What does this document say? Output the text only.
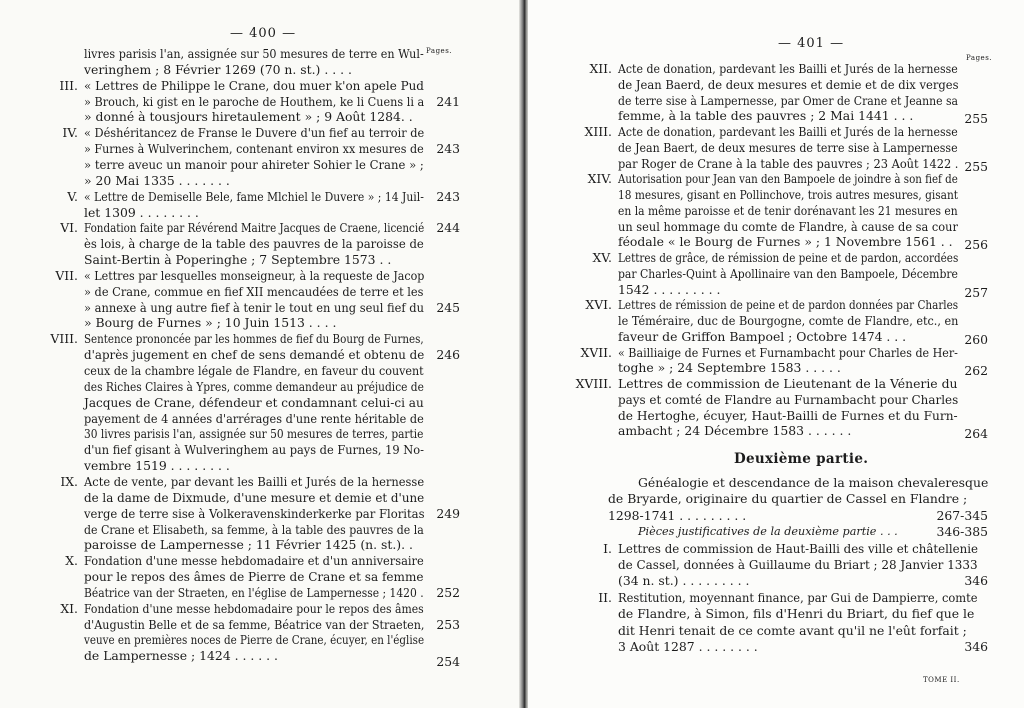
— 400 —
Pages.
III.
IV.
V.
VI.
VII.
VIII.
IX.
X.
XI.
livres parisis l'an, assignée sur 50 mesures de terre en Wul-
veringhem ; 8 Février 1269 (70 n. st.) . . . .
« Lettres de Philippe le Crane, dou muer k'on apele Pud
» Brouch, ki gist en le paroche de Houthem, ke li Cuens li a
» donné à tousjours hiretaulement » ; 9 Août 1284. .
« Déshéritancez de Franse le Duvere d'un fief au terroir de
» Furnes à Wulverinchem, contenant environ xx mesures de
» terre aveuc un manoir pour ahireter Sohier le Crane » ;
» 20 Mai 1335 . . . . . . .
« Lettre de Demiselle Bele, fame Mlchiel le Duvere » ; 14 Juil-
let 1309 . . . . . . . .
Fondation faite par Révérend Maitre Jacques de Craene, licencié
ès lois, à charge de la table des pauvres de la paroisse de
Saint-Bertin à Poperinghe ; 7 Septembre 1573 . .
« Lettres par lesquelles monseigneur, à la requeste de Jacop
» de Crane, commue en fief XII mencaudées de terre et les
» annexe à ung autre fief à tenir le tout en ung seul fief du
» Bourg de Furnes » ; 10 Juin 1513 . . . .
Sentence prononcée par les hommes de fief du Bourg de Furnes,
d'après jugement en chef de sens demandé et obtenu de
ceux de la chambre légale de Flandre, en faveur du couvent
des Riches Claires à Ypres, comme demandeur au préjudice de
Jacques de Crane, défendeur et condamnant celui-ci au
payement de 4 années d'arrérages d'une rente héritable de
30 livres parisis l'an, assignée sur 50 mesures de terres, partie
d'un fief gisant à Wulveringhem au pays de Furnes, 19 No-
vembre 1519 . . . . . . . .
Acte de vente, par devant les Bailli et Jurés de la hernesse
de la dame de Dixmude, d'une mesure et demie et d'une
verge de terre sise à Volkeravenskinderkerke par Floritas
de Crane et Elisabeth, sa femme, à la table des pauvres de la
paroisse de Lampernesse ; 11 Février 1425 (n. st.). .
Fondation d'une messe hebdomadaire et d'un anniversaire
pour le repos des âmes de Pierre de Crane et sa femme
Béatrice van der Straeten, en l'église de Lampernesse ; 1420 .
Fondation d'une messe hebdomadaire pour le repos des âmes
d'Augustin Belle et de sa femme, Béatrice van der Straeten,
veuve en premières noces de Pierre de Crane, écuyer, en l'église
de Lampernesse ; 1424 . . . . . .
241
243
243
244
245
246
249
252
253
254
— 401 —
Pages.
XII.
XIII.
XIV.
XV.
XVI.
XVII.
XVIII.
Acte de donation, pardevant les Bailli et Jurés de la hernesse
de Jean Baerd, de deux mesures et demie et de dix verges
de terre sise à Lampernesse, par Omer de Crane et Jeanne sa
femme, à la table des pauvres ; 2 Mai 1441 . . .
Acte de donation, pardevant les Bailli et Jurés de la hernesse
de Jean Baert, de deux mesures de terre sise à Lampernesse
par Roger de Crane à la table des pauvres ; 23 Août 1422 .
Autorisation pour Jean van den Bampoele de joindre à son fief de
18 mesures, gisant en Pollinchove, trois autres mesures, gisant
en la même paroisse et de tenir dorénavant les 21 mesures en
un seul hommage du comte de Flandre, à cause de sa cour
féodale « le Bourg de Furnes » ; 1 Novembre 1561 . .
Lettres de grâce, de rémission de peine et de pardon, accordées
par Charles-Quint à Apollinaire van den Bampoele, Décembre
1542 . . . . . . . . .
Lettres de rémission de peine et de pardon données par Charles
le Téméraire, duc de Bourgogne, comte de Flandre, etc., en
faveur de Griffon Bampoel ; Octobre 1474 . . .
« Bailliaige de Furnes et Furnambacht pour Charles de Her-
toghe » ; 24 Septembre 1583 . . . . .
Lettres de commission de Lieutenant de la Vénerie du
pays et comté de Flandre au Furnambacht pour Charles
de Hertoghe, écuyer, Haut-Bailli de Furnes et du Furn-
ambacht ; 24 Décembre 1583 . . . . . .
255
255
256
257
260
262
264
Deuxième partie.
I.
II.
Généalogie et descendance de la maison chevaleresque
de Bryarde, originaire du quartier de Cassel en Flandre ;
1298-1741 . . . . . . . . .
Pièces justificatives de la deuxième partie . . .
Lettres de commission de Haut-Bailli des ville et châtellenie
de Cassel, données à Guillaume du Briart ; 28 Janvier 1333
(34 n. st.) . . . . . . . . .
Restitution, moyennant finance, par Gui de Dampierre, comte
de Flandre, à Simon, fils d'Henri du Briart, du fief que le
dit Henri tenait de ce comte avant qu'il ne l'eût forfait ;
3 Août 1287 . . . . . . . .
267-345
346-385
346
346
TOME II.
